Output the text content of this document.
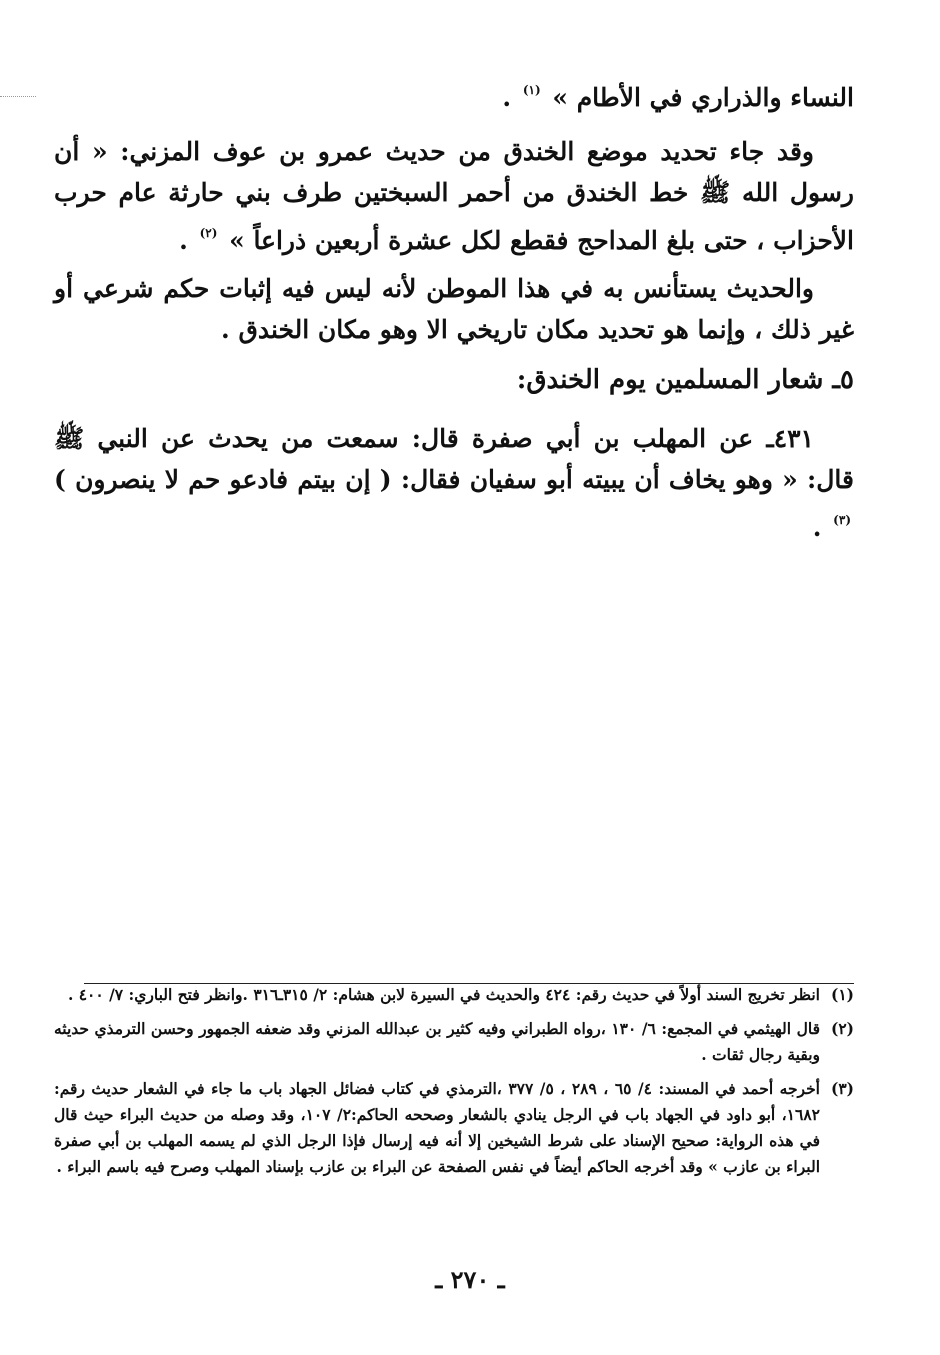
النساء والذراري في الأطام » $^{(١)}$ .

وقد جاء تحديد موضع الخندق من حديث عمرو بن عوف المزني: « أن رسول الله ﷺ خط الخندق من أحمر السبختين طرف بني حارثة عام حرب الأحزاب ، حتى بلغ المداحج فقطع لكل عشرة أربعين ذراعاً » $^{(٢)}$ .

والحديث يستأنس به في هذا الموطن لأنه ليس فيه إثبات حكم شرعي أو غير ذلك ، وإنما هو تحديد مكان تاريخي الا وهو مكان الخندق .

٥ـ شعار المسلمين يوم الخندق:

٤٣١ـ عن المهلب بن أبي صفرة قال: سمعت من يحدث عن النبي ﷺ قال: « وهو يخاف أن يبيته أبو سفيان فقال: ( إن بيتم فادعو حم لا ينصرون ) $^{(٣)}$ .

(١)
انظر تخريج السند أولاً في حديث رقم: ٤٢٤ والحديث في السيرة لابن هشام: ٢/ ٣١٥ـ٣١٦ .وانظر فتح الباري: ٧/ ٤٠٠ .
(٢)
قال الهيثمي في المجمع: ٦/ ١٣٠ ،رواه الطبراني وفيه كثير بن عبدالله المزني وقد ضعفه الجمهور وحسن الترمذي حديثه وبقية رجال ثقات .
(٣)
أخرجه أحمد في المسند: ٤/ ٦٥ ، ٢٨٩ ، ٥/ ٣٧٧ ،الترمذي في كتاب فضائل الجهاد باب ما جاء في الشعار حديث رقم: ١٦٨٢، أبو داود في الجهاد باب في الرجل ينادي بالشعار وصححه الحاكم:٢/ ١٠٧، وقد وصله من حديث البراء حيث قال في هذه الرواية: صحيح الإسناد على شرط الشيخين إلا أنه فيه إرسال فإذا الرجل الذي لم يسمه المهلب بن أبي صفرة البراء بن عازب » وقد أخرجه الحاكم أيضاً في نفس الصفحة عن البراء بن عازب بإسناد المهلب وصرح فيه باسم البراء .
ـ ٢٧٠ ـ
